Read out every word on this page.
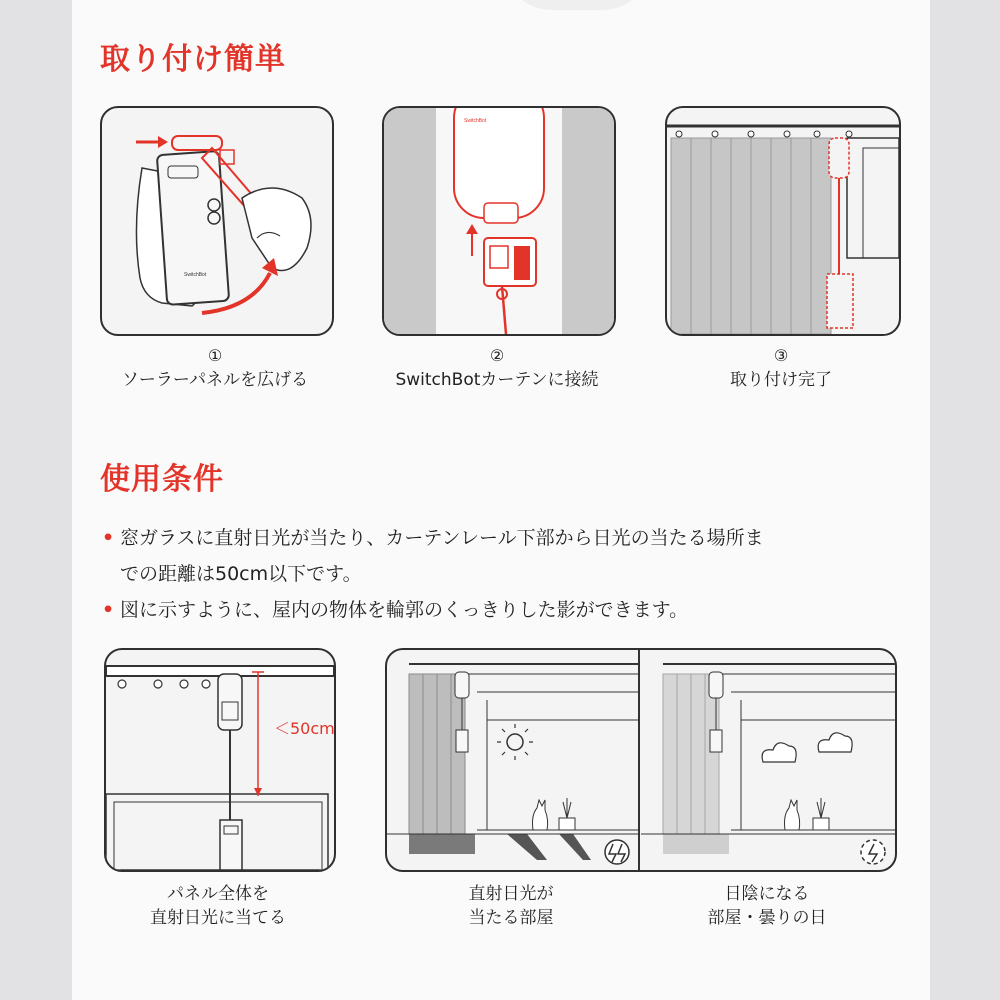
取り付け簡単
SwitchBot
①
ソーラーパネルを広げる
SwitchBot
②
SwitchBotカーテンに接続
③
取り付け完了
使用条件
• 窓ガラスに直射日光が当たり、カーテンレール下部から日光の当たる場所ま
での距離は50cm以下です。
• 図に示すように、屋内の物体を輪郭のくっきりした影ができます。
＜50cm
パネル全体を
直射日光に当てる
直射日光が
当たる部屋
日陰になる
部屋・曇りの日
